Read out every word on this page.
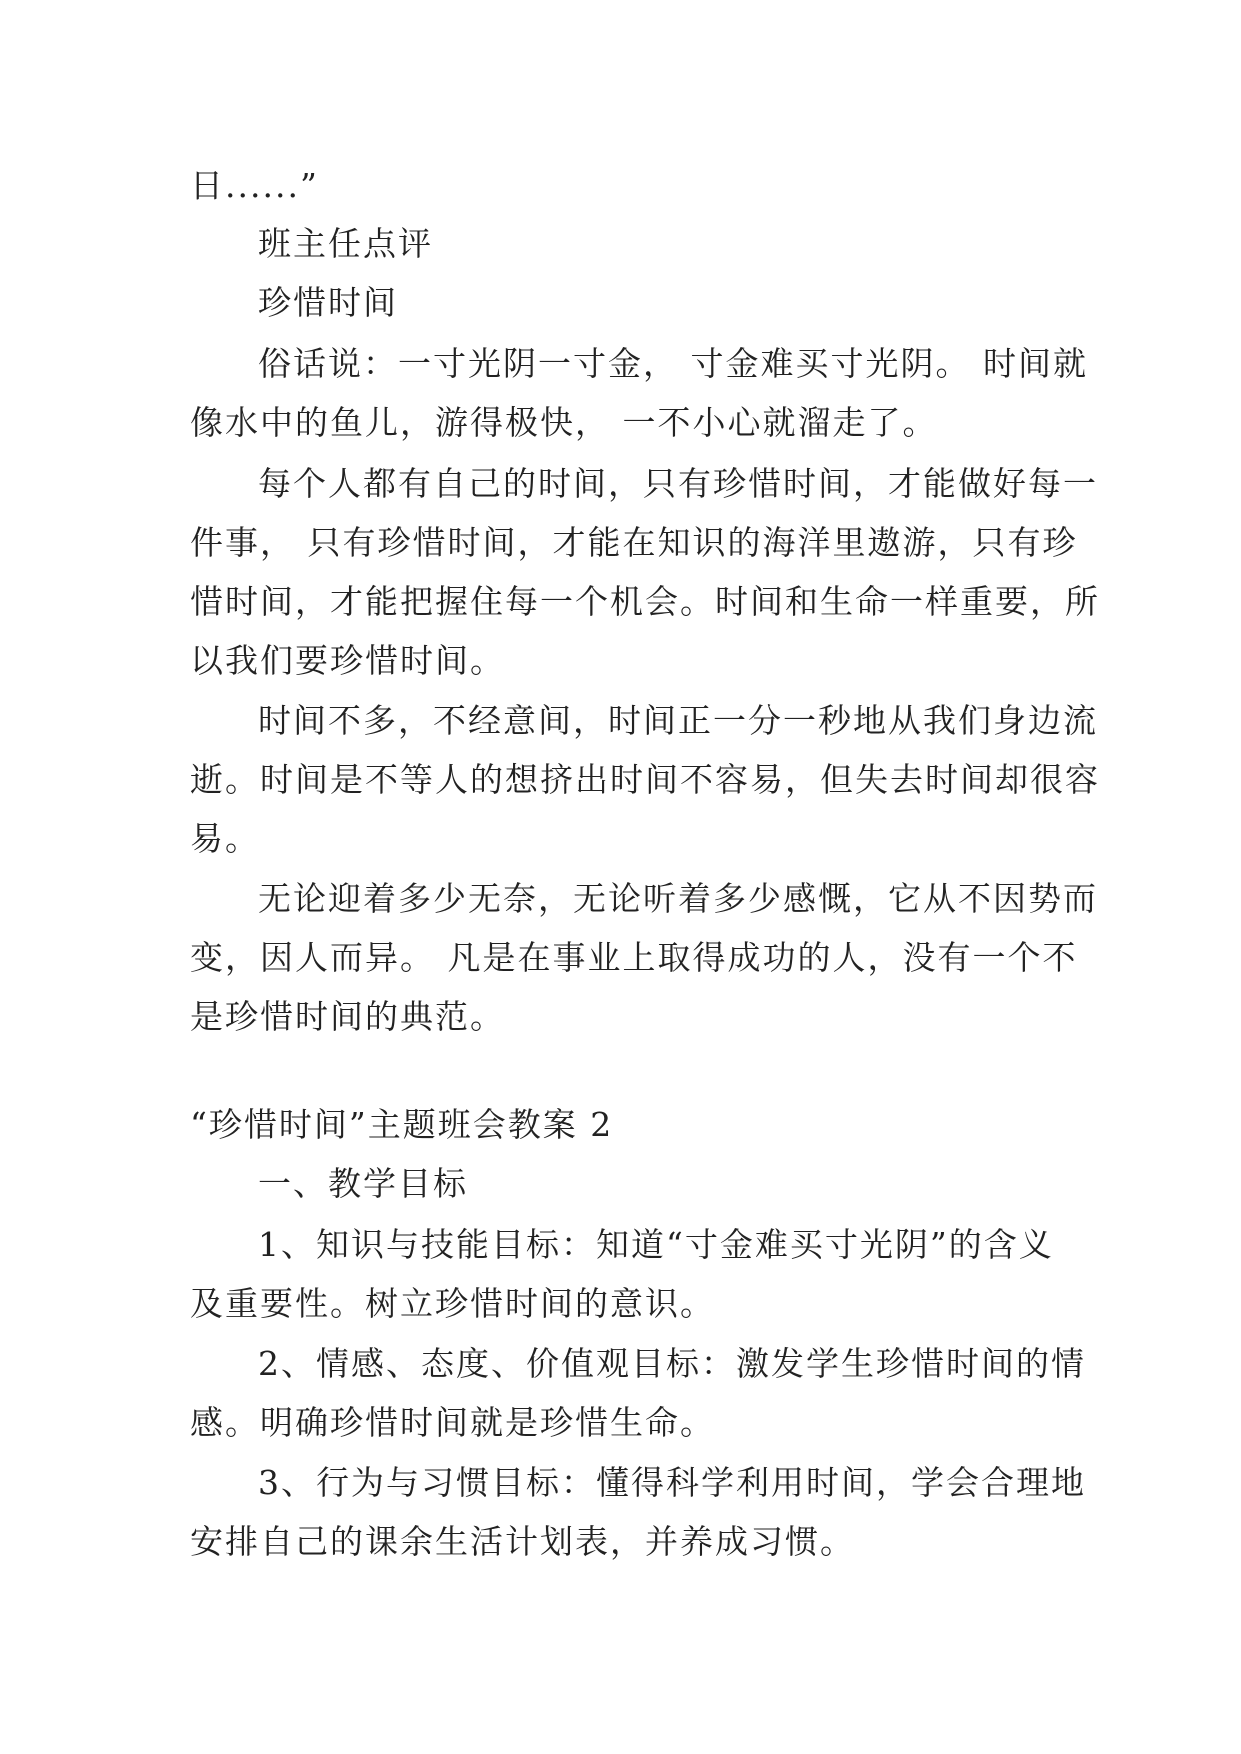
日......”
班主任点评
珍惜时间
俗话说：一寸光阴一寸金， 寸金难买寸光阴。 时间就
像水中的鱼儿，游得极快， 一不小心就溜走了。
每个人都有自己的时间，只有珍惜时间，才能做好每一
件事， 只有珍惜时间，才能在知识的海洋里遨游，只有珍
惜时间，才能把握住每一个机会。时间和生命一样重要，所
以我们要珍惜时间。
时间不多，不经意间，时间正一分一秒地从我们身边流
逝。时间是不等人的想挤出时间不容易，但失去时间却很容
易。
无论迎着多少无奈，无论听着多少感慨，它从不因势而
变，因人而异。 凡是在事业上取得成功的人，没有一个不
是珍惜时间的典范。
“珍惜时间”主题班会教案 2
一、教学目标
1、知识与技能目标：知道“寸金难买寸光阴”的含义
及重要性。树立珍惜时间的意识。
2、情感、态度、价值观目标：激发学生珍惜时间的情
感。明确珍惜时间就是珍惜生命。
3、行为与习惯目标：懂得科学利用时间，学会合理地
安排自己的课余生活计划表，并养成习惯。
